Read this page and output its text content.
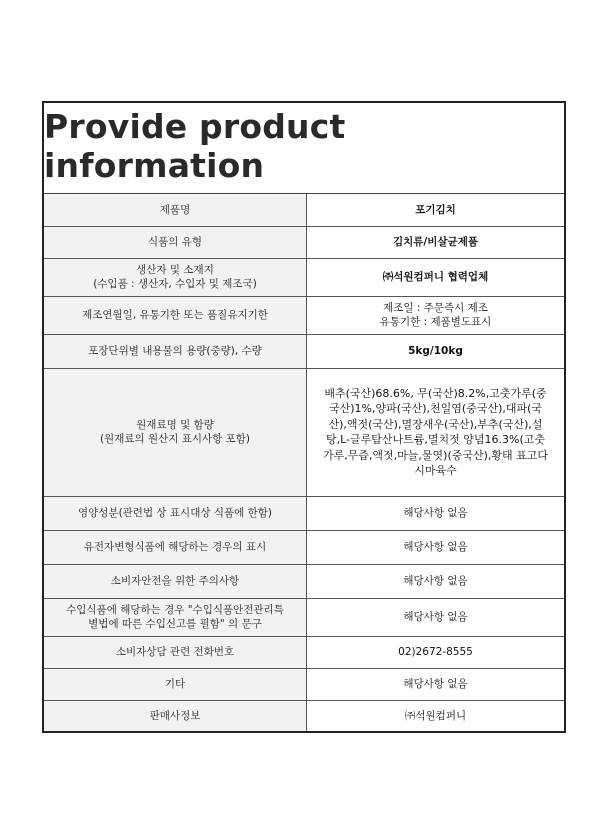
Provide product information
제품명	포기김치

식품의 유형	김치류/비살균제품

생산자 및 소재지
(수입품 : 생산자, 수입자 및 제조국)	㈜석원컴퍼니 협력업체

제조연월일, 유통기한 또는 품질유지기한	제조일 : 주문즉시 제조
유통기한 : 제품별도표시

포장단위별 내용물의 용량(중량), 수량	5kg/10kg

원재료명 및 함량
(원재료의 원산지 표시사항 포함)	배추(국산)68.6%, 무(국산)8.2%,고춧가루(중국산)1%,양파(국산),천일염(중국산),대파(국산),액젓(국산),멸장새우(국산),부추(국산),설탕,L-글루탐산나트륨,멸치젓 양념16.3%(고춧가루,무즙,액젓,마늘,물엿)(중국산),황태 표고다시마육수

영양성분(관련법 상 표시대상 식품에 한함)	해당사항 없음

유전자변형식품에 해당하는 경우의 표시	해당사항 없음

소비자안전을 위한 주의사항	해당사항 없음

수입식품에 해당하는 경우 "수입식품안전관리특
별법에 따른 수입신고를 필함" 의 문구	해당사항 없음

소비자상담 관련 전화번호	02)2672-8555

기타	해당사항 없음

판매사정보	㈜석원컴퍼니
